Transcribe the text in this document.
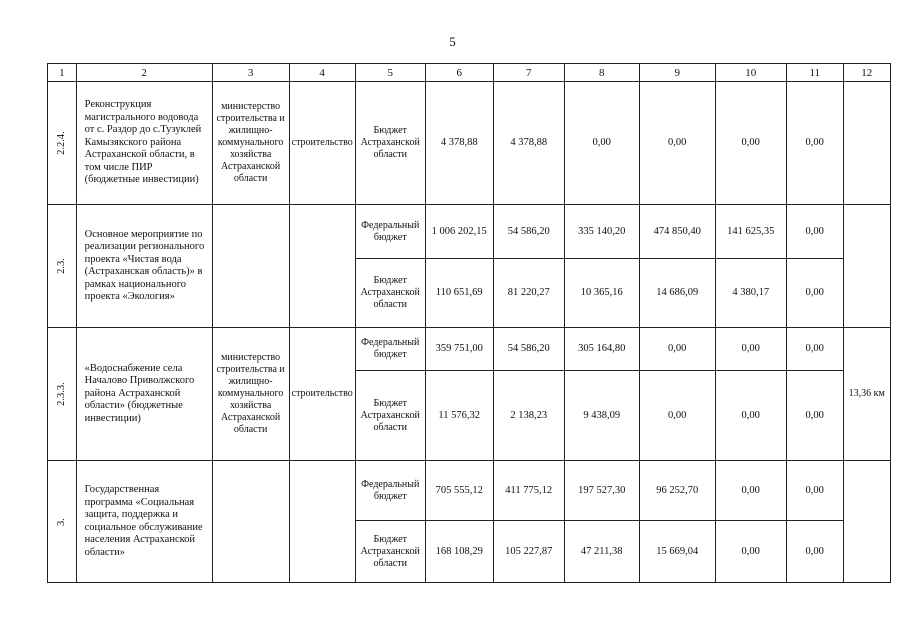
5
1	2	3	4	5	6	7	8	9	10	11	12
2.2.4.	Реконструкция магистрального водовода от с. Раздор до с.Тузуклей Камызякского района Астраханской области, в том числе ПИР (бюджетные инвестиции)	министерство строительства и жилищно-коммунального хозяйства Астраханской области	строительство	Бюджет Астраханской области	4 378,88	4 378,88	0,00	0,00	0,00	0,00	
2.3.	Основное мероприятие по реализации регионального проекта «Чистая вода (Астраханская область)» в рамках национального проекта «Экология»			Федеральный бюджет	1 006 202,15	54 586,20	335 140,20	474 850,40	141 625,35	0,00	
				Бюджет Астраханской области	110 651,69	81 220,27	10 365,16	14 686,09	4 380,17	0,00	
2.3.3.	«Водоснабжение села Началово Приволжского района Астраханской области» (бюджетные инвестиции)	министерство строительства и жилищно-коммунального хозяйства Астраханской области	строительство	Федеральный бюджет	359 751,00	54 586,20	305 164,80	0,00	0,00	0,00	13,36 км
				Бюджет Астраханской области	11 576,32	2 138,23	9 438,09	0,00	0,00	0,00	
3.	Государственная программа «Социальная защита, поддержка и социальное обслуживание населения Астраханской области»			Федеральный бюджет	705 555,12	411 775,12	197 527,30	96 252,70	0,00	0,00	
				Бюджет Астраханской области	168 108,29	105 227,87	47 211,38	15 669,04	0,00	0,00	
